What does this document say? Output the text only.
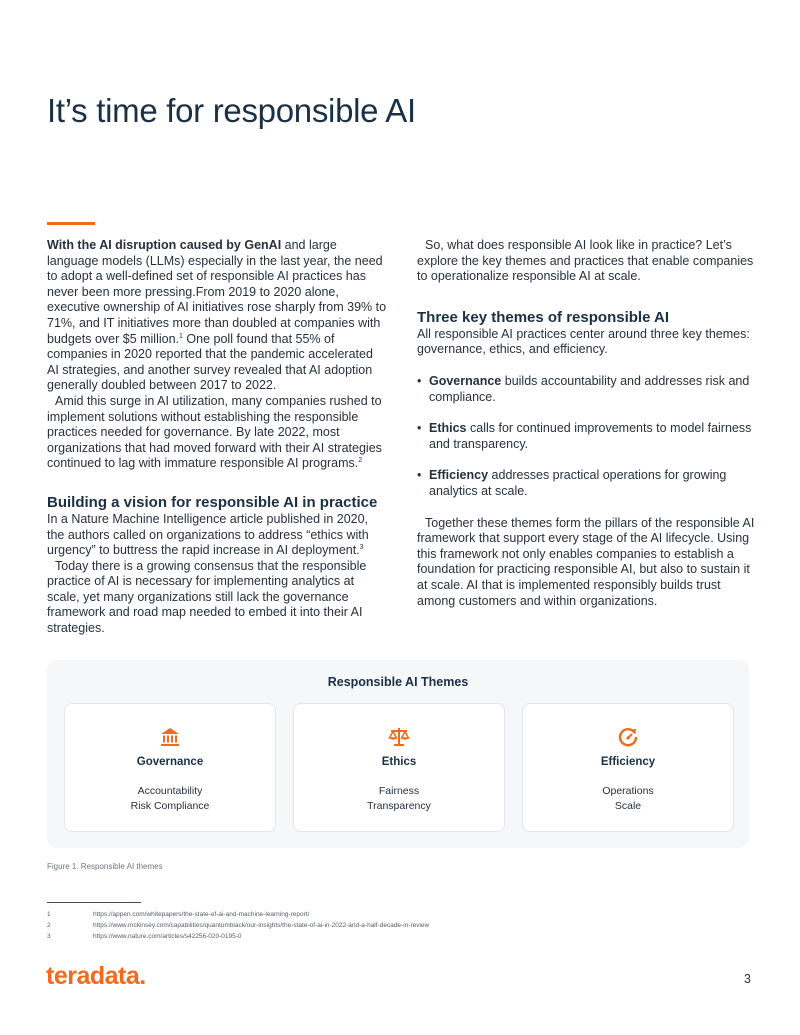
It’s time for responsible AI

With the AI disruption caused by GenAI and large language models (LLMs) especially in the last year, the need to adopt a well-defined set of responsible AI practices has never been more pressing.From 2019 to 2020 alone, executive ownership of AI initiatives rose sharply from 39% to 71%, and IT initiatives more than doubled at companies with budgets over $5 million.$^1$ One poll found that 55% of companies in 2020 reported that the pandemic accelerated AI strategies, and another survey revealed that AI adoption generally doubled between 2017 to 2022.

Amid this surge in AI utilization, many companies rushed to implement solutions without establishing the responsible practices needed for governance. By late 2022, most organizations that had moved forward with their AI strategies continued to lag with immature responsible AI programs.$^2$

Building a vision for responsible AI in practice

In a Nature Machine Intelligence article published in 2020, the authors called on organizations to address “ethics with urgency” to buttress the rapid increase in AI deployment.$^3$

Today there is a growing consensus that the responsible practice of AI is necessary for implementing analytics at scale, yet many organizations still lack the governance framework and road map needed to embed it into their AI strategies.

So, what does responsible AI look like in practice? Let’s explore the key themes and practices that enable companies to operationalize responsible AI at scale.

Three key themes of responsible AI

All responsible AI practices center around three key themes: governance, ethics, and efficiency.

• Governance builds accountability and addresses risk and compliance.
• Ethics calls for continued improvements to model fairness and transparency.
• Efficiency addresses practical operations for growing analytics at scale.

Together these themes form the pillars of the responsible AI framework that support every stage of the AI lifecycle. Using this framework not only enables companies to establish a foundation for practicing responsible AI, but also to sustain it at scale. AI that is implemented responsibly builds trust among customers and within organizations.

Responsible AI Themes
Governance
Accountability
Risk Compliance
Ethics
Fairness
Transparency
Efficiency
Operations
Scale
Figure 1. Responsible AI themes
1	https://appen.com/whitepapers/the-state-of-ai-and-machine-learning-report/
2	https://www.mckinsey.com/capabilities/quantumblack/our-insights/the-state-of-ai-in-2022-and-a-half-decade-in-review
3	https://www.nature.com/articles/s42256-020-0195-0
teradata.	3
